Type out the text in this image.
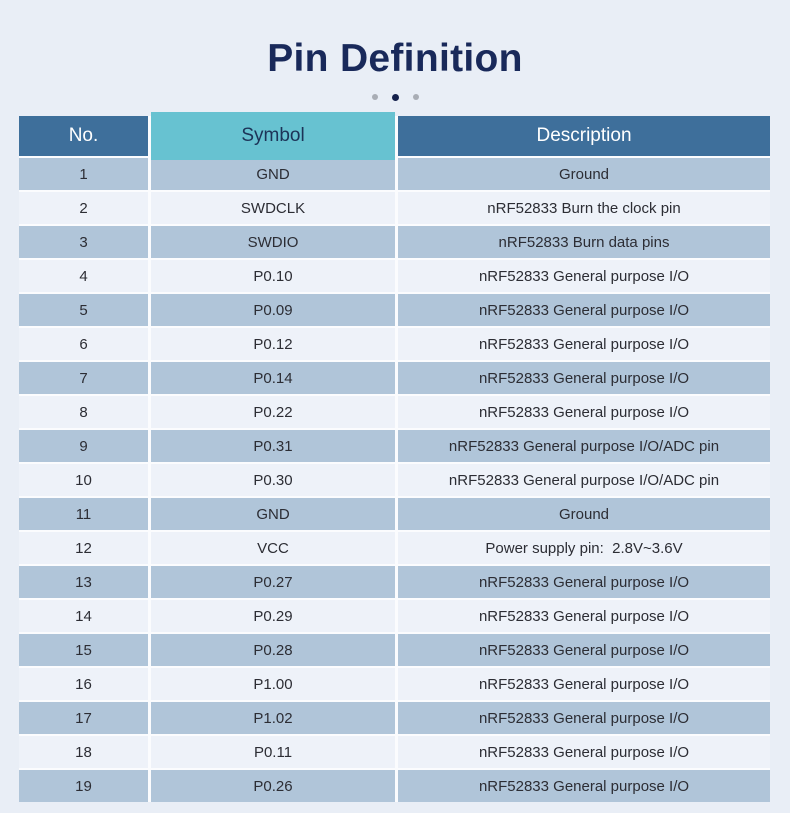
Pin Definition
No.	Symbol	Description
1	GND	Ground
2	SWDCLK	nRF52833 Burn the clock pin
3	SWDIO	nRF52833 Burn data pins
4	P0.10	nRF52833 General purpose I/O
5	P0.09	nRF52833 General purpose I/O
6	P0.12	nRF52833 General purpose I/O
7	P0.14	nRF52833 General purpose I/O
8	P0.22	nRF52833 General purpose I/O
9	P0.31	nRF52833 General purpose I/O/ADC pin
10	P0.30	nRF52833 General purpose I/O/ADC pin
11	GND	Ground
12	VCC	Power supply pin:  2.8V~3.6V
13	P0.27	nRF52833 General purpose I/O
14	P0.29	nRF52833 General purpose I/O
15	P0.28	nRF52833 General purpose I/O
16	P1.00	nRF52833 General purpose I/O
17	P1.02	nRF52833 General purpose I/O
18	P0.11	nRF52833 General purpose I/O
19	P0.26	nRF52833 General purpose I/O
